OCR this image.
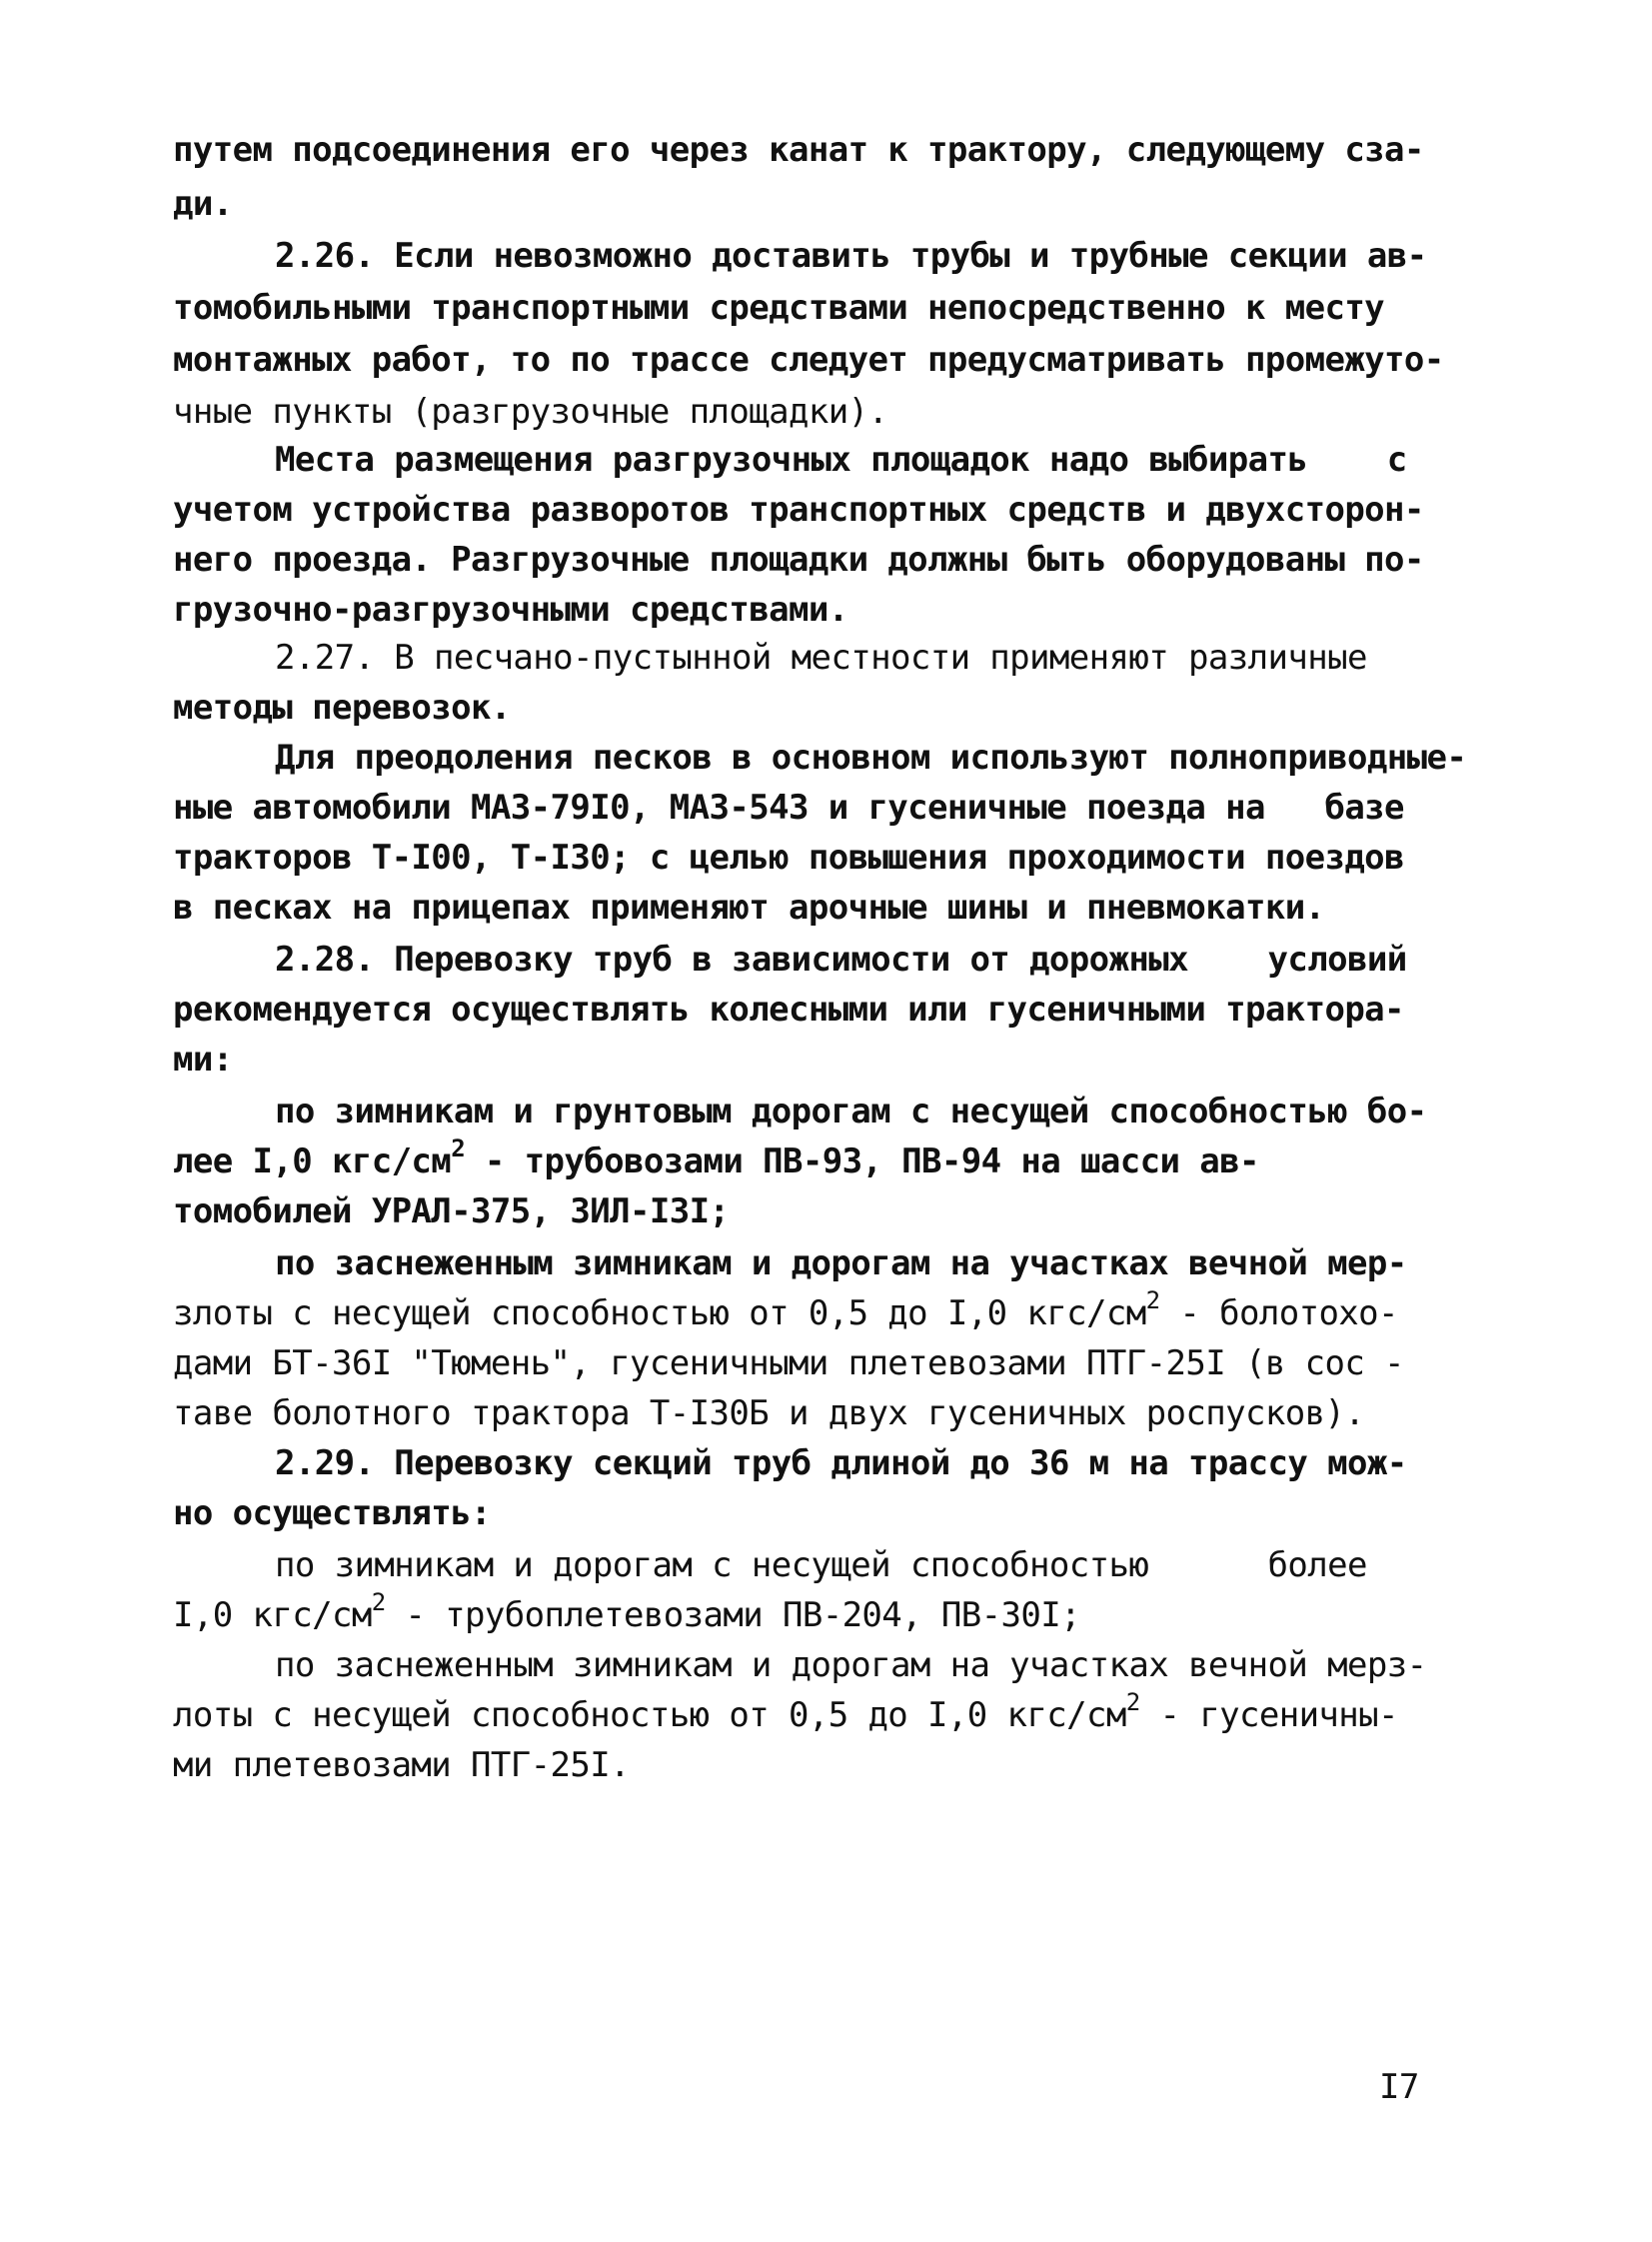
путем подсоединения его через канат к трактору, следующему сза-
ди.
2.26. Если невозможно доставить трубы и трубные секции ав-
томобильными транспортными средствами непосредственно к месту
монтажных работ, то по трассе следует предусматривать промежуто-
чные пункты (разгрузочные площадки).
Места размещения разгрузочных площадок надо выбирать    с
учетом устройства разворотов транспортных средств и двухсторон-
него проезда. Разгрузочные площадки должны быть оборудованы по-
грузочно-разгрузочными средствами.
2.27. В песчано-пустынной местности применяют различные
методы перевозок.
Для преодоления песков в основном используют полноприводные-
ные автомобили МАЗ-79I0, МАЗ-543 и гусеничные поезда на   базе
тракторов Т-I00, Т-I30; с целью повышения проходимости поездов
в песках на прицепах применяют арочные шины и пневмокатки.
2.28. Перевозку труб в зависимости от дорожных    условий
рекомендуется осуществлять колесными или гусеничными трактора-
ми:
по зимникам и грунтовым дорогам с несущей способностью бо-
лее I,0 кгс/$см^2$ - трубовозами ПВ-93, ПВ-94 на шасси ав-
томобилей УРАЛ-375, ЗИЛ-I3I;
по заснеженным зимникам и дорогам на участках вечной мер-
злоты с несущей способностью от 0,5 до I,0 кгс/$см^2$ - болотохо-
дами БТ-36I "Тюмень", гусеничными плетевозами ПТГ-25I (в сос -
таве болотного трактора Т-I30Б и двух гусеничных роспусков).
2.29. Перевозку секций труб длиной до 36 м на трассу мож-
но осуществлять:
по зимникам и дорогам с несущей способностью      более
I,0 кгс/$см^2$ - трубоплетевозами ПВ-204, ПВ-30I;
по заснеженным зимникам и дорогам на участках вечной мерз-
лоты с несущей способностью от 0,5 до I,0 кгс/$см^2$ - гусеничны-
ми плетевозами ПТГ-25I.
I7
